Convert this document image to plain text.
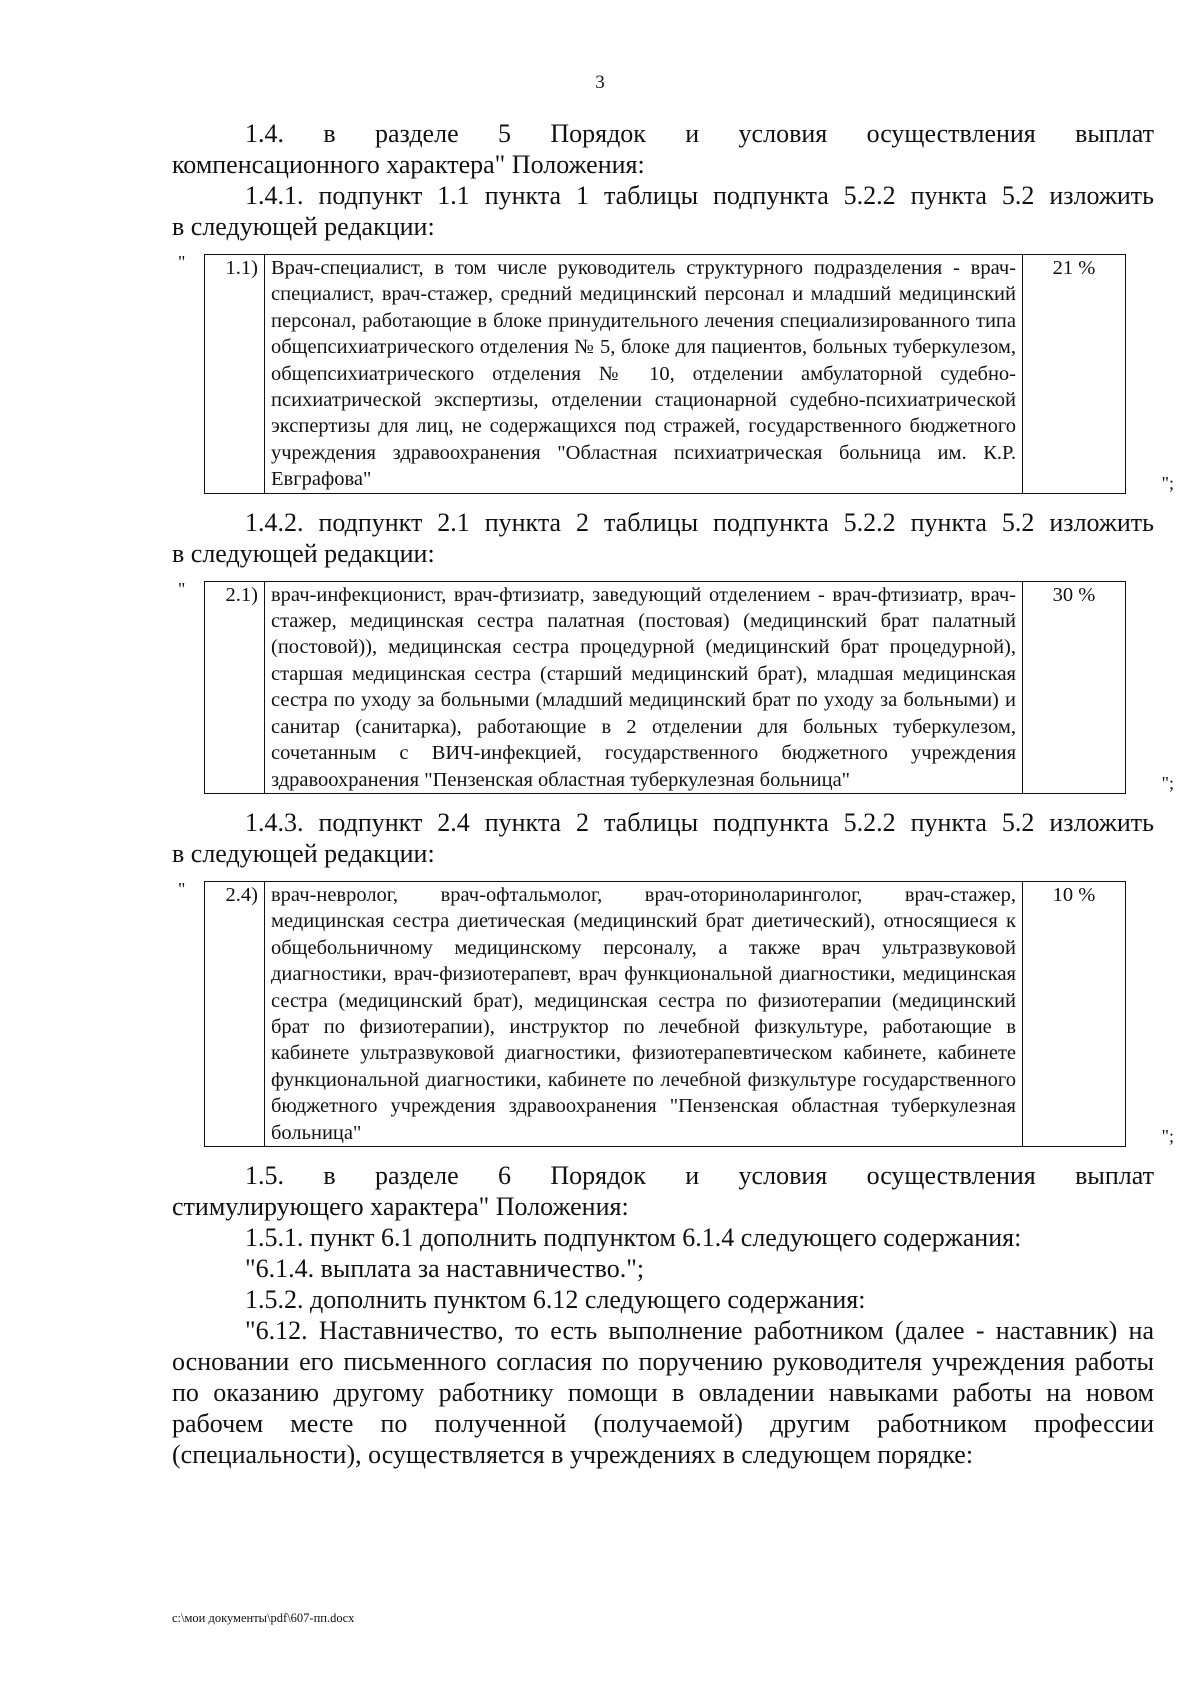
3

1.4. в разделе 5 Порядок и условия осуществления выплат

компенсационного характера" Положения:

1.4.1. подпункт 1.1 пункта 1 таблицы подпункта 5.2.2 пункта 5.2 изложить

в следующей редакции:

" 1.1)	Врач-специалист, в том числе руководитель структурного подразделения - врач-специалист, врач-стажер, средний медицинский персонал и младший медицинский персонал, работающие в блоке принудительного лечения специализированного типа общепсихиатрического отделения № 5, блоке для пациентов, больных туберкулезом, общепсихиатрического отделения № 10, отделении амбулаторной судебно-психиатрической экспертизы, отделении стационарной судебно-психиатрической экспертизы для лиц, не содержащихся под стражей, государственного бюджетного учреждения здравоохранения "Областная психиатрическая больница им. К.Р. Евграфова"	21 %
";

1.4.2. подпункт 2.1 пункта 2 таблицы подпункта 5.2.2 пункта 5.2 изложить

в следующей редакции:

" 2.1)	врач-инфекционист, врач-фтизиатр, заведующий отделением - врач-фтизиатр, врач-стажер, медицинская сестра палатная (постовая) (медицинский брат палатный (постовой)), медицинская сестра процедурной (медицинский брат процедурной), старшая медицинская сестра (старший медицинский брат), младшая медицинская сестра по уходу за больными (младший медицинский брат по уходу за больными) и санитар (санитарка), работающие в 2 отделении для больных туберкулезом, сочетанным с ВИЧ-инфекцией, государственного бюджетного учреждения здравоохранения "Пензенская областная туберкулезная больница"	30 %
";

1.4.3. подпункт 2.4 пункта 2 таблицы подпункта 5.2.2 пункта 5.2 изложить

в следующей редакции:

" 2.4)	врач-невролог, врач-офтальмолог, врач-оториноларинголог, врач-стажер, медицинская сестра диетическая (медицинский брат диетический), относящиеся к общебольничному медицинскому персоналу, а также врач ультразвуковой диагностики, врач-физиотерапевт, врач функциональной диагностики, медицинская сестра (медицинский брат), медицинская сестра по физиотерапии (медицинский брат по физиотерапии), инструктор по лечебной физкультуре, работающие в кабинете ультразвуковой диагностики, физиотерапевтическом кабинете, кабинете функциональной диагностики, кабинете по лечебной физкультуре государственного бюджетного учреждения здравоохранения "Пензенская областная туберкулезная больница"	10 %
";

1.5. в разделе 6 Порядок и условия осуществления выплат

стимулирующего характера" Положения:

1.5.1. пункт 6.1 дополнить подпунктом 6.1.4 следующего содержания:

"6.1.4. выплата за наставничество.";

1.5.2. дополнить пунктом 6.12 следующего содержания:

"6.12. Наставничество, то есть выполнение работником (далее - наставник) на основании его письменного согласия по поручению руководителя учреждения работы по оказанию другому работнику помощи в овладении навыками работы на новом рабочем месте по полученной (получаемой) другим работником профессии (специальности), осуществляется в учреждениях в следующем порядке:

c:\мои документы\pdf\607-пп.docx
